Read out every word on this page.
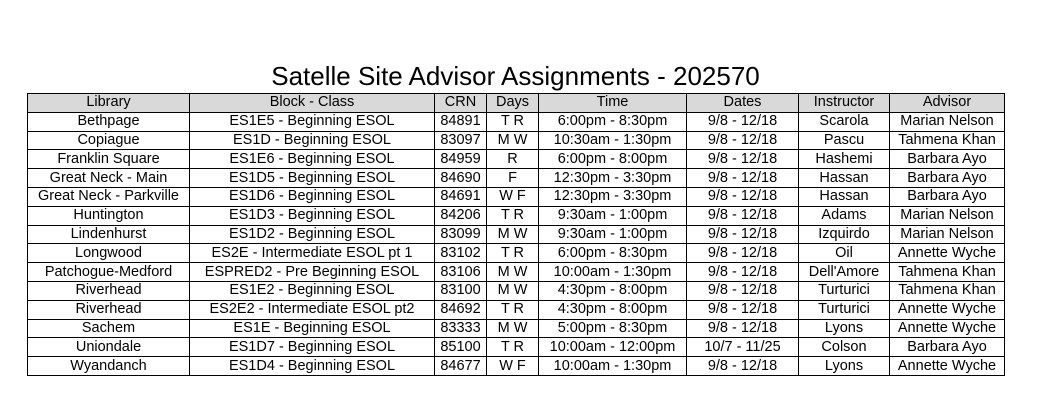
Satelle Site Advisor Assignments - 202570
Library	Block - Class	CRN	Days	Time	Dates	Instructor	Advisor
Bethpage	ES1E5 - Beginning ESOL	84891	T R	6:00pm - 8:30pm	9/8 - 12/18	Scarola	Marian Nelson
Copiague	ES1D - Beginning ESOL	83097	M W	10:30am - 1:30pm	9/8 - 12/18	Pascu	Tahmena Khan
Franklin Square	ES1E6 - Beginning ESOL	84959	R	6:00pm - 8:00pm	9/8 - 12/18	Hashemi	Barbara Ayo
Great Neck - Main	ES1D5 - Beginning ESOL	84690	F	12:30pm - 3:30pm	9/8 - 12/18	Hassan	Barbara Ayo
Great Neck - Parkville	ES1D6 - Beginning ESOL	84691	W F	12:30pm - 3:30pm	9/8 - 12/18	Hassan	Barbara Ayo
Huntington	ES1D3 - Beginning ESOL	84206	T R	9:30am - 1:00pm	9/8 - 12/18	Adams	Marian Nelson
Lindenhurst	ES1D2 - Beginning ESOL	83099	M W	9:30am - 1:00pm	9/8 - 12/18	Izquirdo	Marian Nelson
Longwood	ES2E - Intermediate ESOL pt 1	83102	T R	6:00pm - 8:30pm	9/8 - 12/18	Oil	Annette Wyche
Patchogue-Medford	ESPRED2 - Pre Beginning ESOL	83106	M W	10:00am - 1:30pm	9/8 - 12/18	Dell'Amore	Tahmena Khan
Riverhead	ES1E2 - Beginning ESOL	83100	M W	4:30pm - 8:00pm	9/8 - 12/18	Turturici	Tahmena Khan
Riverhead	ES2E2 - Intermediate ESOL pt2	84692	T R	4:30pm - 8:00pm	9/8 - 12/18	Turturici	Annette Wyche
Sachem	ES1E - Beginning ESOL	83333	M W	5:00pm - 8:30pm	9/8 - 12/18	Lyons	Annette Wyche
Uniondale	ES1D7 - Beginning ESOL	85100	T R	10:00am - 12:00pm	10/7 - 11/25	Colson	Barbara Ayo
Wyandanch	ES1D4 - Beginning ESOL	84677	W F	10:00am - 1:30pm	9/8 - 12/18	Lyons	Annette Wyche
